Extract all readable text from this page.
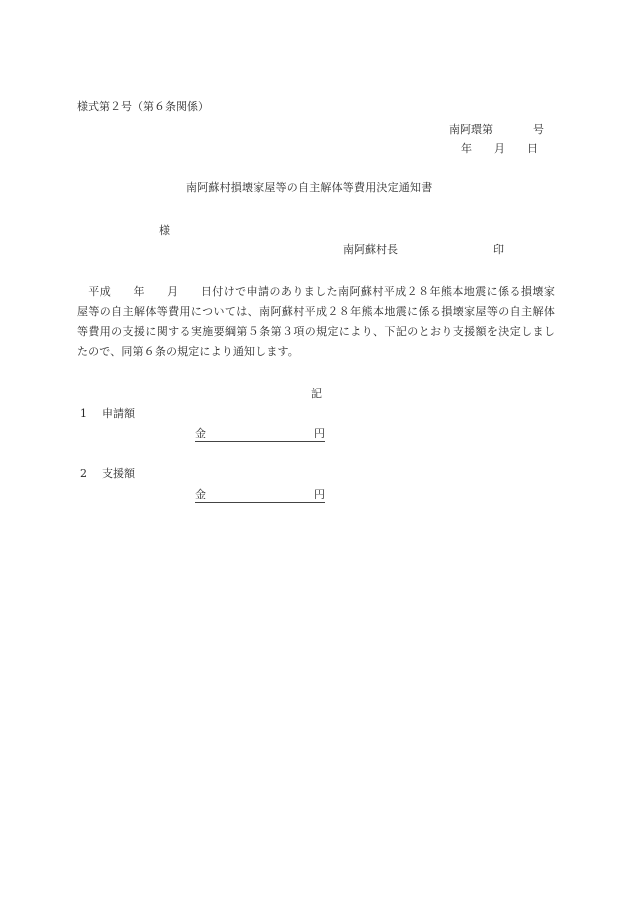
様式第２号（第６条関係）
南阿環第	号
年 月 日
南阿蘇村損壊家屋等の自主解体等費用決定通知書
様
南阿蘇村長	印
平成 年 月 日付けで申請のありました南阿蘇村平成２８年熊本地震に係る損壊家屋等の自主解体等費用については、南阿蘇村平成２８年熊本地震に係る損壊家屋等の自主解体等費用の支援に関する実施要綱第５条第３項の規定により、下記のとおり支援額を決定しましたので、同第６条の規定により通知します。
記
1 申請額
金	円
2 支援額
金	円
